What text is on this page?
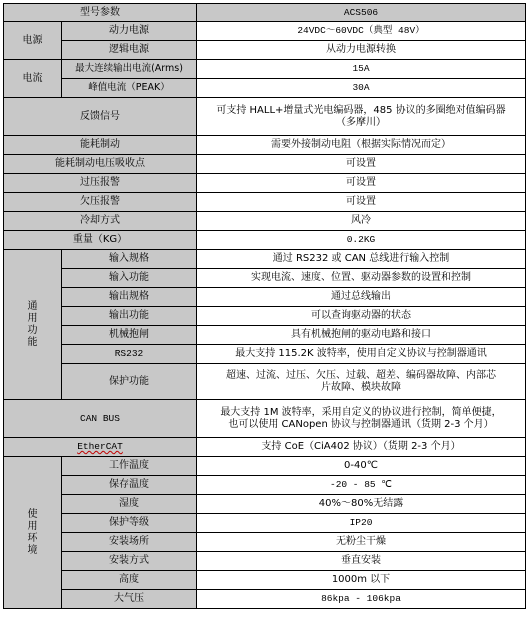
型号参数		ACS506
电源	动力电源	24VDC～60VDC（典型 48V）
	逻辑电源	从动力电源转换
电流	最大连续输出电流(Arms)	15A
	峰值电流（PEAK）	30A
反馈信号		可支持 HALL+增量式光电编码器，485 协议的多圈绝对值编码器
（多摩川）

能耗制动		需要外接制动电阻（根据实际情况而定）
能耗制动电压吸收点		可设置
过压报警		可设置
欠压报警		可设置
冷却方式		风冷
重量（KG）		0.2KG

通
用
功
能	输入规格	通过 RS232 或 CAN 总线进行输入控制
	输入功能	实现电流、速度、位置、驱动器参数的设置和控制
	输出规格	通过总线输出
	输出功能	可以查询驱动器的状态
	机械抱闸	具有机械抱闸的驱动电路和接口
	RS232	最大支持 115.2K 波特率，使用自定义协议与控制器通讯
	保护功能	超速、过流、过压、欠压、过载、超差、编码器故障、内部芯
片故障、模块故障

CAN BUS		最大支持 1M 波特率，采用自定义的协议进行控制，简单便捷，
也可以使用 CANopen 协议与控制器通讯（货期 2-3 个月）

EtherCAT		支持 CoE（CiA402 协议）（货期 2-3 个月）

使
用
环
境	工作温度	0-40℃
	保存温度	-20 - 85 ℃
	湿度	40%～80%无结露
	保护等级	IP20
	安装场所	无粉尘干燥
	安装方式	垂直安装
	高度	1000m 以下
	大气压	86kpa - 106kpa
